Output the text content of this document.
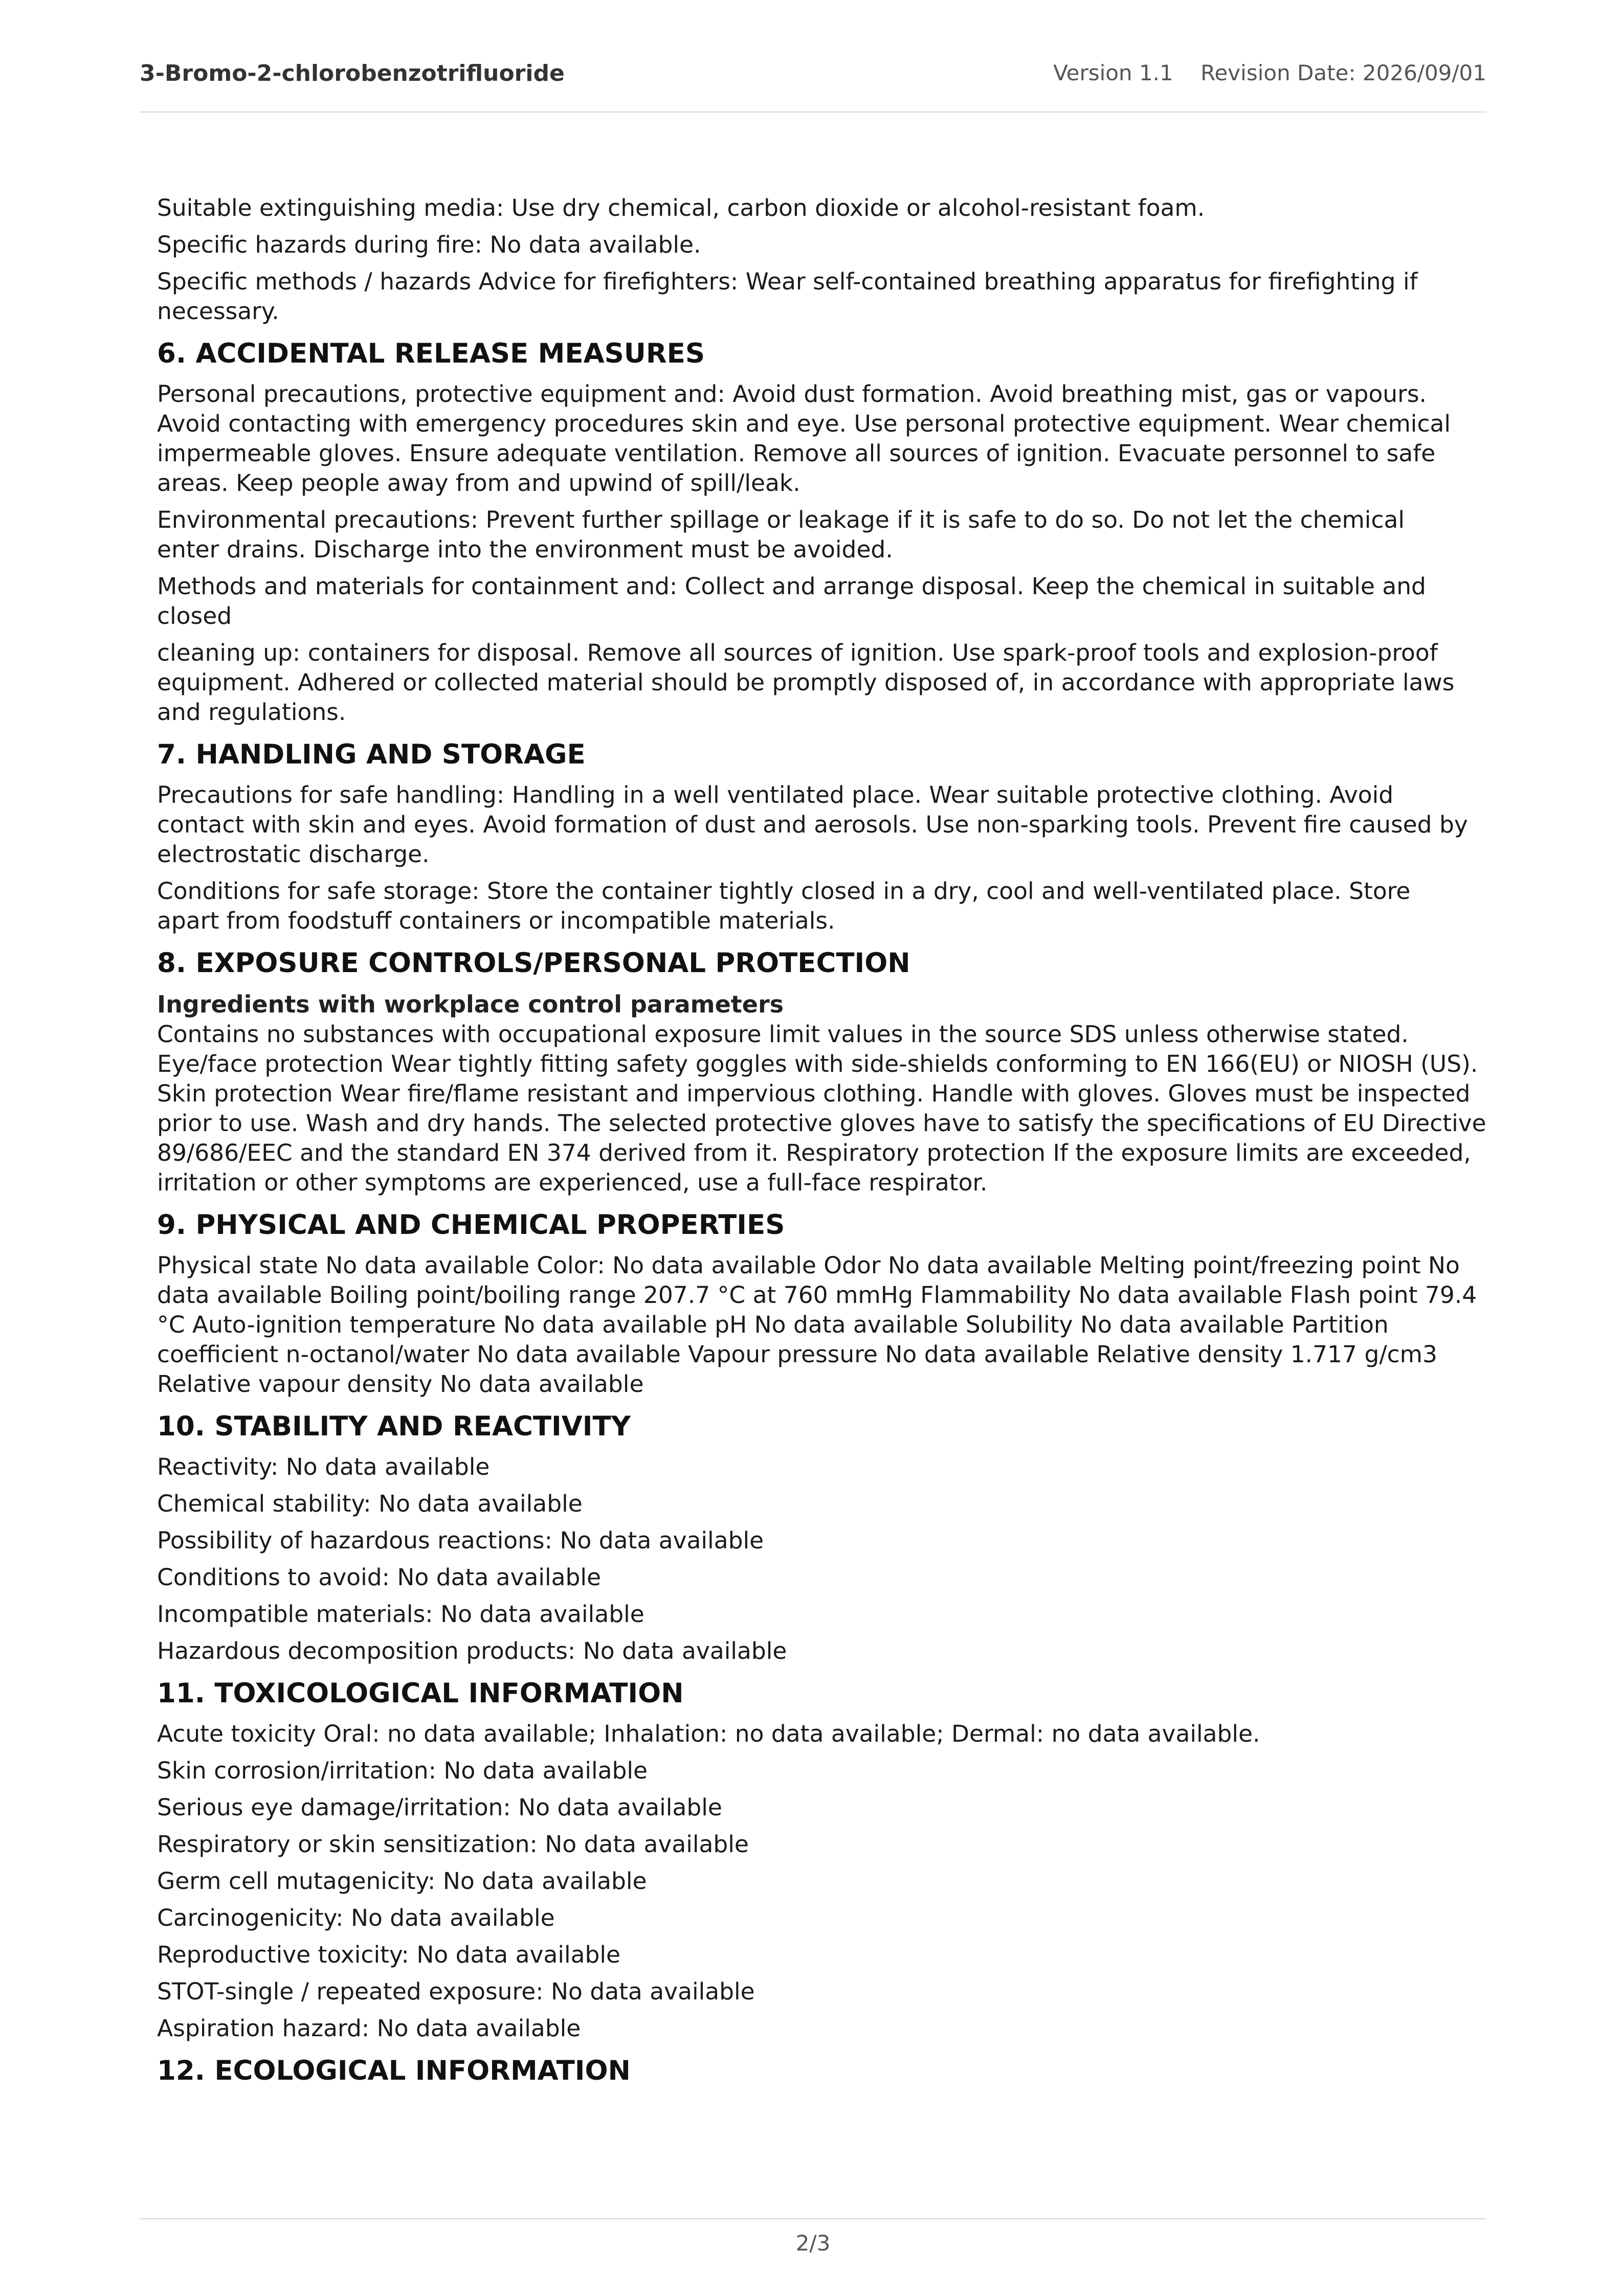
3-Bromo-2-chlorobenzotrifluoride	Version 1.1 Revision Date: 2026/09/01

Suitable extinguishing media: Use dry chemical, carbon dioxide or alcohol-resistant foam.

Specific hazards during fire: No data available.

Specific methods / hazards Advice for firefighters: Wear self-contained breathing apparatus for firefighting if necessary.

6. ACCIDENTAL RELEASE MEASURES

Personal precautions, protective equipment and: Avoid dust formation. Avoid breathing mist, gas or vapours. Avoid contacting with emergency procedures skin and eye. Use personal protective equipment. Wear chemical impermeable gloves. Ensure adequate ventilation. Remove all sources of ignition. Evacuate personnel to safe areas. Keep people away from and upwind of spill/leak.

Environmental precautions: Prevent further spillage or leakage if it is safe to do so. Do not let the chemical

enter drains. Discharge into the environment must be avoided.

Methods and materials for containment and: Collect and arrange disposal. Keep the chemical in suitable and closed

cleaning up: containers for disposal. Remove all sources of ignition. Use spark-proof tools and explosion-proof equipment. Adhered or collected material should be promptly disposed of, in accordance with appropriate laws and regulations.

7. HANDLING AND STORAGE

Precautions for safe handling: Handling in a well ventilated place. Wear suitable protective clothing. Avoid contact with skin and eyes. Avoid formation of dust and aerosols. Use non-sparking tools. Prevent fire caused by electrostatic discharge.

Conditions for safe storage: Store the container tightly closed in a dry, cool and well-ventilated place. Store

apart from foodstuff containers or incompatible materials.

8. EXPOSURE CONTROLS/PERSONAL PROTECTION
Ingredients with workplace control parameters

Contains no substances with occupational exposure limit values in the source SDS unless otherwise stated. Eye/face protection Wear tightly fitting safety goggles with side-shields conforming to EN 166(EU) or NIOSH (US). Skin protection Wear fire/flame resistant and impervious clothing. Handle with gloves. Gloves must be inspected prior to use. Wash and dry hands. The selected protective gloves have to satisfy the specifications of EU Directive 89/686/EEC and the standard EN 374 derived from it. Respiratory protection If the exposure limits are exceeded, irritation or other symptoms are experienced, use a full-face respirator.

9. PHYSICAL AND CHEMICAL PROPERTIES

Physical state No data available Color: No data available Odor No data available Melting point/freezing point No data available Boiling point/boiling range 207.7 °C at 760 mmHg Flammability No data available Flash point 79.4 °C Auto-ignition temperature No data available pH No data available Solubility No data available Partition coefficient n-octanol/water No data available Vapour pressure No data available Relative density 1.717 g/cm3 Relative vapour density No data available

10. STABILITY AND REACTIVITY

Reactivity: No data available

Chemical stability: No data available

Possibility of hazardous reactions: No data available

Conditions to avoid: No data available

Incompatible materials: No data available

Hazardous decomposition products: No data available

11. TOXICOLOGICAL INFORMATION

Acute toxicity Oral: no data available; Inhalation: no data available; Dermal: no data available.

Skin corrosion/irritation: No data available

Serious eye damage/irritation: No data available

Respiratory or skin sensitization: No data available

Germ cell mutagenicity: No data available

Carcinogenicity: No data available

Reproductive toxicity: No data available

STOT-single / repeated exposure: No data available

Aspiration hazard: No data available

12. ECOLOGICAL INFORMATION
2/3
